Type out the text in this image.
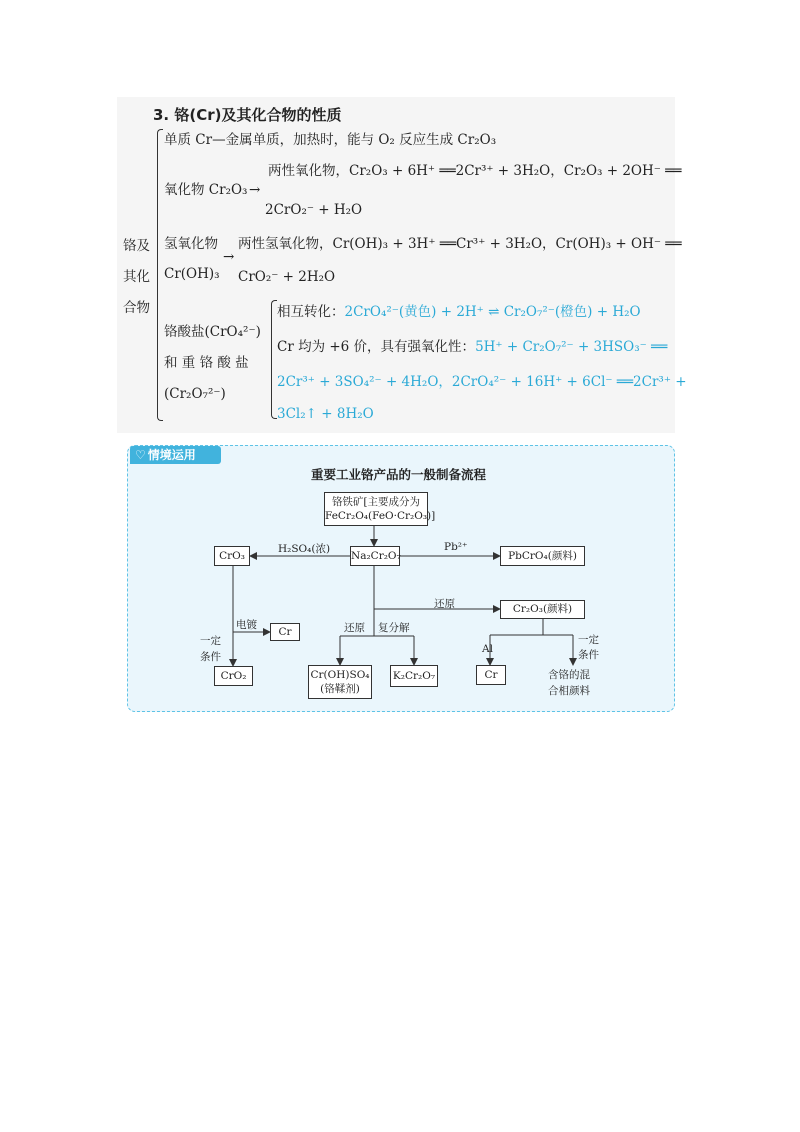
3. 铬(Cr)及其化合物的性质
铬及
其化
合物
单质 Cr—金属单质，加热时，能与 O₂ 反应生成 Cr₂O₃
氧化物 Cr₂O₃ →
两性氧化物，Cr₂O₃ + 6H⁺ ══2Cr³⁺ + 3H₂O，Cr₂O₃ + 2OH⁻ ══
2CrO₂⁻ + H₂O
氢氧化物
Cr(OH)₃
→
两性氢氧化物，Cr(OH)₃ + 3H⁺ ══Cr³⁺ + 3H₂O，Cr(OH)₃ + OH⁻ ══
CrO₂⁻ + 2H₂O
铬酸盐(CrO₄²⁻)
和 重 铬 酸 盐
(Cr₂O₇²⁻)
相互转化：2CrO₄²⁻(黄色) + 2H⁺ ⇌ Cr₂O₇²⁻(橙色) + H₂O
Cr 均为 +6 价，具有强氧化性：5H⁺ + Cr₂O₇²⁻ + 3HSO₃⁻ ══
2Cr³⁺ + 3SO₄²⁻ + 4H₂O，2CrO₄²⁻ + 16H⁺ + 6Cl⁻ ══2Cr³⁺ +
3Cl₂↑ + 8H₂O
♡ 情境运用
重要工业铬产品的一般制备流程
铬铁矿[主要成分为
FeCr₂O₄(FeO·Cr₂O₃)]
Na₂Cr₂O₇
CrO₃	PbCrO₄(颜料)
Cr
CrO₂
Cr₂O₃(颜料)
Cr(OH)SO₄
(铬鞣剂)
K₂Cr₂O₇	Cr	含铬的混
合相颜料
H₂SO₄(浓)	Pb²⁺
电镀
一定
条件
还原
还原 复分解
Al
一定
条件
